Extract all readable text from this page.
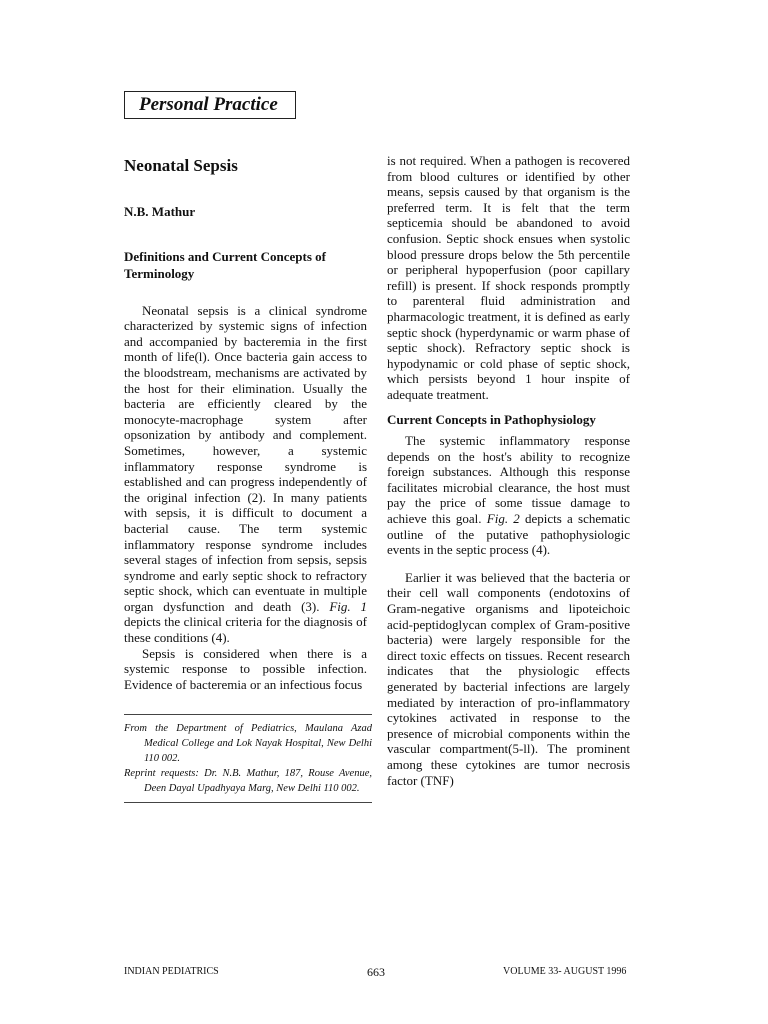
Personal Practice
Neonatal Sepsis
N.B. Mathur
Definitions and Current Concepts of Terminology

Neonatal sepsis is a clinical syndrome characterized by systemic signs of infection and accompanied by bacteremia in the first month of life(l). Once bacteria gain access to the bloodstream, mechanisms are activated by the host for their elimination. Usually the bacteria are efficiently cleared by the monocyte-macrophage system after opsonization by antibody and complement. Sometimes, however, a systemic inflammatory response syndrome is established and can progress independently of the original infection (2). In many patients with sepsis, it is difficult to document a bacterial cause. The term systemic inflammatory response syndrome includes several stages of infection from sepsis, sepsis syndrome and early septic shock to refractory septic shock, which can eventuate in multiple organ dysfunction and death (3). Fig. 1 depicts the clinical criteria for the diagnosis of these conditions (4).

Sepsis is considered when there is a systemic response to possible infection. Evidence of bacteremia or an infectious focus

is not required. When a pathogen is recovered from blood cultures or identified by other means, sepsis caused by that organism is the preferred term. It is felt that the term septicemia should be abandoned to avoid confusion. Septic shock ensues when systolic blood pressure drops below the 5th percentile or peripheral hypoperfusion (poor capillary refill) is present. If shock responds promptly to parenteral fluid administration and pharmacologic treatment, it is defined as early septic shock (hyperdynamic or warm phase of septic shock). Refractory septic shock is hypodynamic or cold phase of septic shock, which persists beyond 1 hour inspite of adequate treatment.

Current Concepts in Pathophysiology

The systemic inflammatory response depends on the host's ability to recognize foreign substances. Although this response facilitates microbial clearance, the host must pay the price of some tissue damage to achieve this goal. Fig. 2 depicts a schematic outline of the putative pathophysiologic events in the septic process (4).

Earlier it was believed that the bacteria or their cell wall components (endotoxins of Gram-negative organisms and lipoteichoic acid-peptidoglycan complex of Gram-positive bacteria) were largely responsible for the direct toxic effects on tissues. Recent research indicates that the physiologic effects generated by bacterial infections are largely mediated by interaction of pro-inflammatory cytokines activated in response to the presence of microbial components within the vascular compartment(5-ll). The prominent among these cytokines are tumor necrosis factor (TNF)

From the Department of Pediatrics, Maulana Azad Medical College and Lok Nayak Hospital, New Delhi 110 002.

Reprint requests: Dr. N.B. Mathur, 187, Rouse Avenue, Deen Dayal Upadhyaya Marg, New Delhi 110 002.

INDIAN PEDIATRICS	663	VOLUME 33- AUGUST 1996
